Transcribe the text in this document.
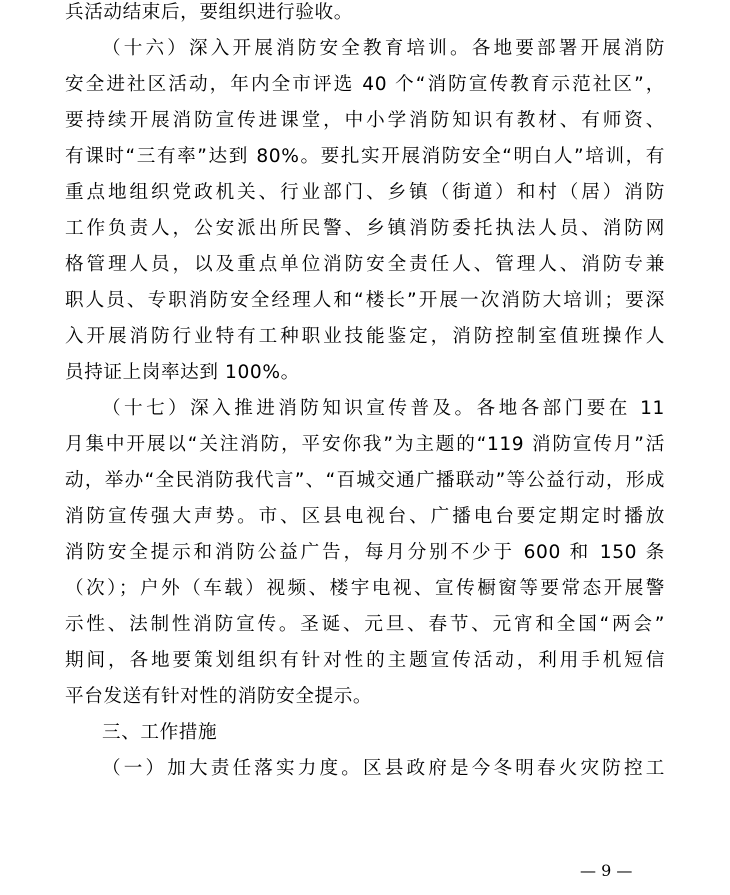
兵活动结束后，要组织进行验收。
（十六）深入开展消防安全教育培训。各地要部署开展消防
安全进社区活动，年内全市评选 40 个“消防宣传教育示范社区”，
要持续开展消防宣传进课堂，中小学消防知识有教材、有师资、
有课时“三有率”达到 80%。要扎实开展消防安全“明白人”培训，有
重点地组织党政机关、行业部门、乡镇（街道）和村（居）消防
工作负责人，公安派出所民警、乡镇消防委托执法人员、消防网
格管理人员，以及重点单位消防安全责任人、管理人、消防专兼
职人员、专职消防安全经理人和“楼长”开展一次消防大培训；要深
入开展消防行业特有工种职业技能鉴定，消防控制室值班操作人
员持证上岗率达到 100%。
（十七）深入推进消防知识宣传普及。各地各部门要在 11
月集中开展以“关注消防，平安你我”为主题的“119 消防宣传月”活
动，举办“全民消防我代言”、“百城交通广播联动”等公益行动，形成
消防宣传强大声势。市、区县电视台、广播电台要定期定时播放
消防安全提示和消防公益广告，每月分别不少于 600 和 150 条
（次）；户外（车载）视频、楼宇电视、宣传橱窗等要常态开展警
示性、法制性消防宣传。圣诞、元旦、春节、元宵和全国“两会”
期间，各地要策划组织有针对性的主题宣传活动，利用手机短信
平台发送有针对性的消防安全提示。
三、工作措施
（一）加大责任落实力度。区县政府是今冬明春火灾防控工
— 9 —
